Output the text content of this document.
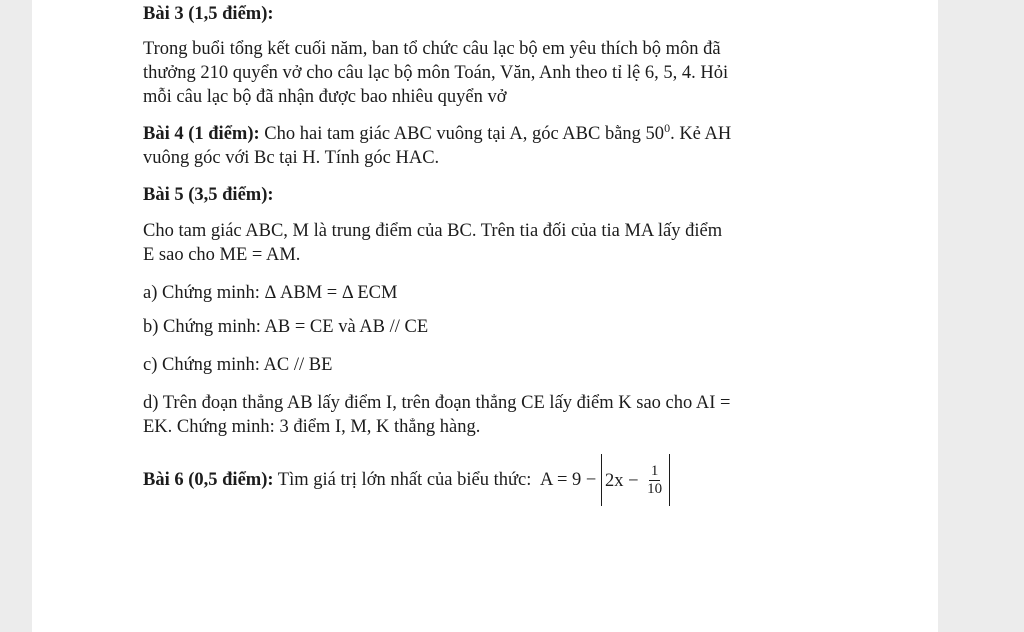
Bài 3 (1,5 điểm):
Trong buổi tổng kết cuối năm, ban tổ chức câu lạc bộ em yêu thích bộ môn đã
thưởng 210 quyển vở cho câu lạc bộ môn Toán, Văn, Anh theo tỉ lệ 6, 5, 4. Hỏi
mỗi câu lạc bộ đã nhận được bao nhiêu quyển vở
Bài 4 (1 điểm): Cho hai tam giác ABC vuông tại A, góc ABC bằng $50^0$. Kẻ AH
vuông góc với Bc tại H. Tính góc HAC.
Bài 5 (3,5 điểm):
Cho tam giác ABC, M là trung điểm của BC. Trên tia đối của tia MA lấy điểm
E sao cho ME = AM.
a) Chứng minh: Δ ABM = Δ ECM
b) Chứng minh: AB = CE và AB // CE
c) Chứng minh: AC // BE
d) Trên đoạn thẳng AB lấy điểm I, trên đoạn thẳng CE lấy điểm K sao cho AI =
EK. Chứng minh: 3 điểm I, M, K thẳng hàng.
Bài 6 (0,5 điểm): Tìm giá trị lớn nhất của biểu thức: $A = 9 - 2x - \frac{1}{10}$
